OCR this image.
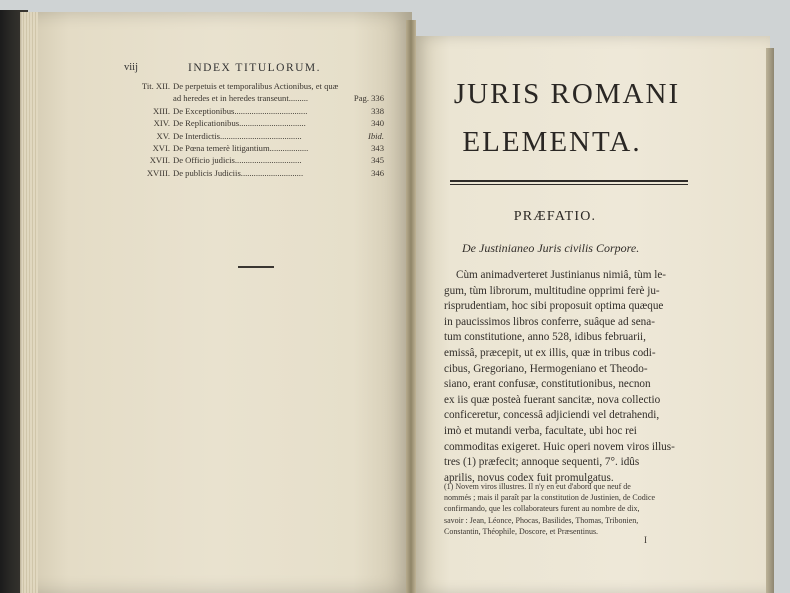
viij	INDEX TITULORUM.
Tit. XII. De perpetuis et temporalibus Actionibus, et quæ
ad heredes et in heredes transeunt.........	Pag. 336
XIII. De Exceptionibus..................................	338
XIV. De Replicationibus...............................	340
XV. De Interdictis......................................	Ibid.
XVI. De Pœna temerè litigantium..................	343
XVII. De Officio judicis...............................	345
XVIII. De publicis Judiciis.............................	346
JURIS ROMANI
ELEMENTA.
PRÆFATIO.
De Justinianeo Juris civilis Corpore.
Cùm animadverteret Justinianus nimiâ, tùm le-
gum, tùm librorum, multitudine opprimi ferè ju-
risprudentiam, hoc sibi proposuit optima quæque
in paucissimos libros conferre, suâque ad sena-
tum constitutione, anno 528, idibus februarii,
emissâ, præcepit, ut ex illis, quæ in tribus codi-
cibus, Gregoriano, Hermogeniano et Theodo-
siano, erant confusæ, constitutionibus, necnon
ex iis quæ posteà fuerant sancitæ, nova collectio
conficeretur, concessâ adjiciendi vel detrahendi,
imò et mutandi verba, facultate, ubi hoc rei
commoditas exigeret. Huic operi novem viros illus-
tres (1) præfecit; annoque sequenti, 7°. idûs
aprilis, novus codex fuit promulgatus.
(1) Novem viros illustres. Il n'y en eut d'abord que neuf de
nommés ; mais il paraît par la constitution de Justinien, de Codice
confirmando, que les collaborateurs furent au nombre de dix,
savoir : Jean, Léonce, Phocas, Basilides, Thomas, Tribonien,
Constantin, Théophile, Doscore, et Præsentinus.
I
